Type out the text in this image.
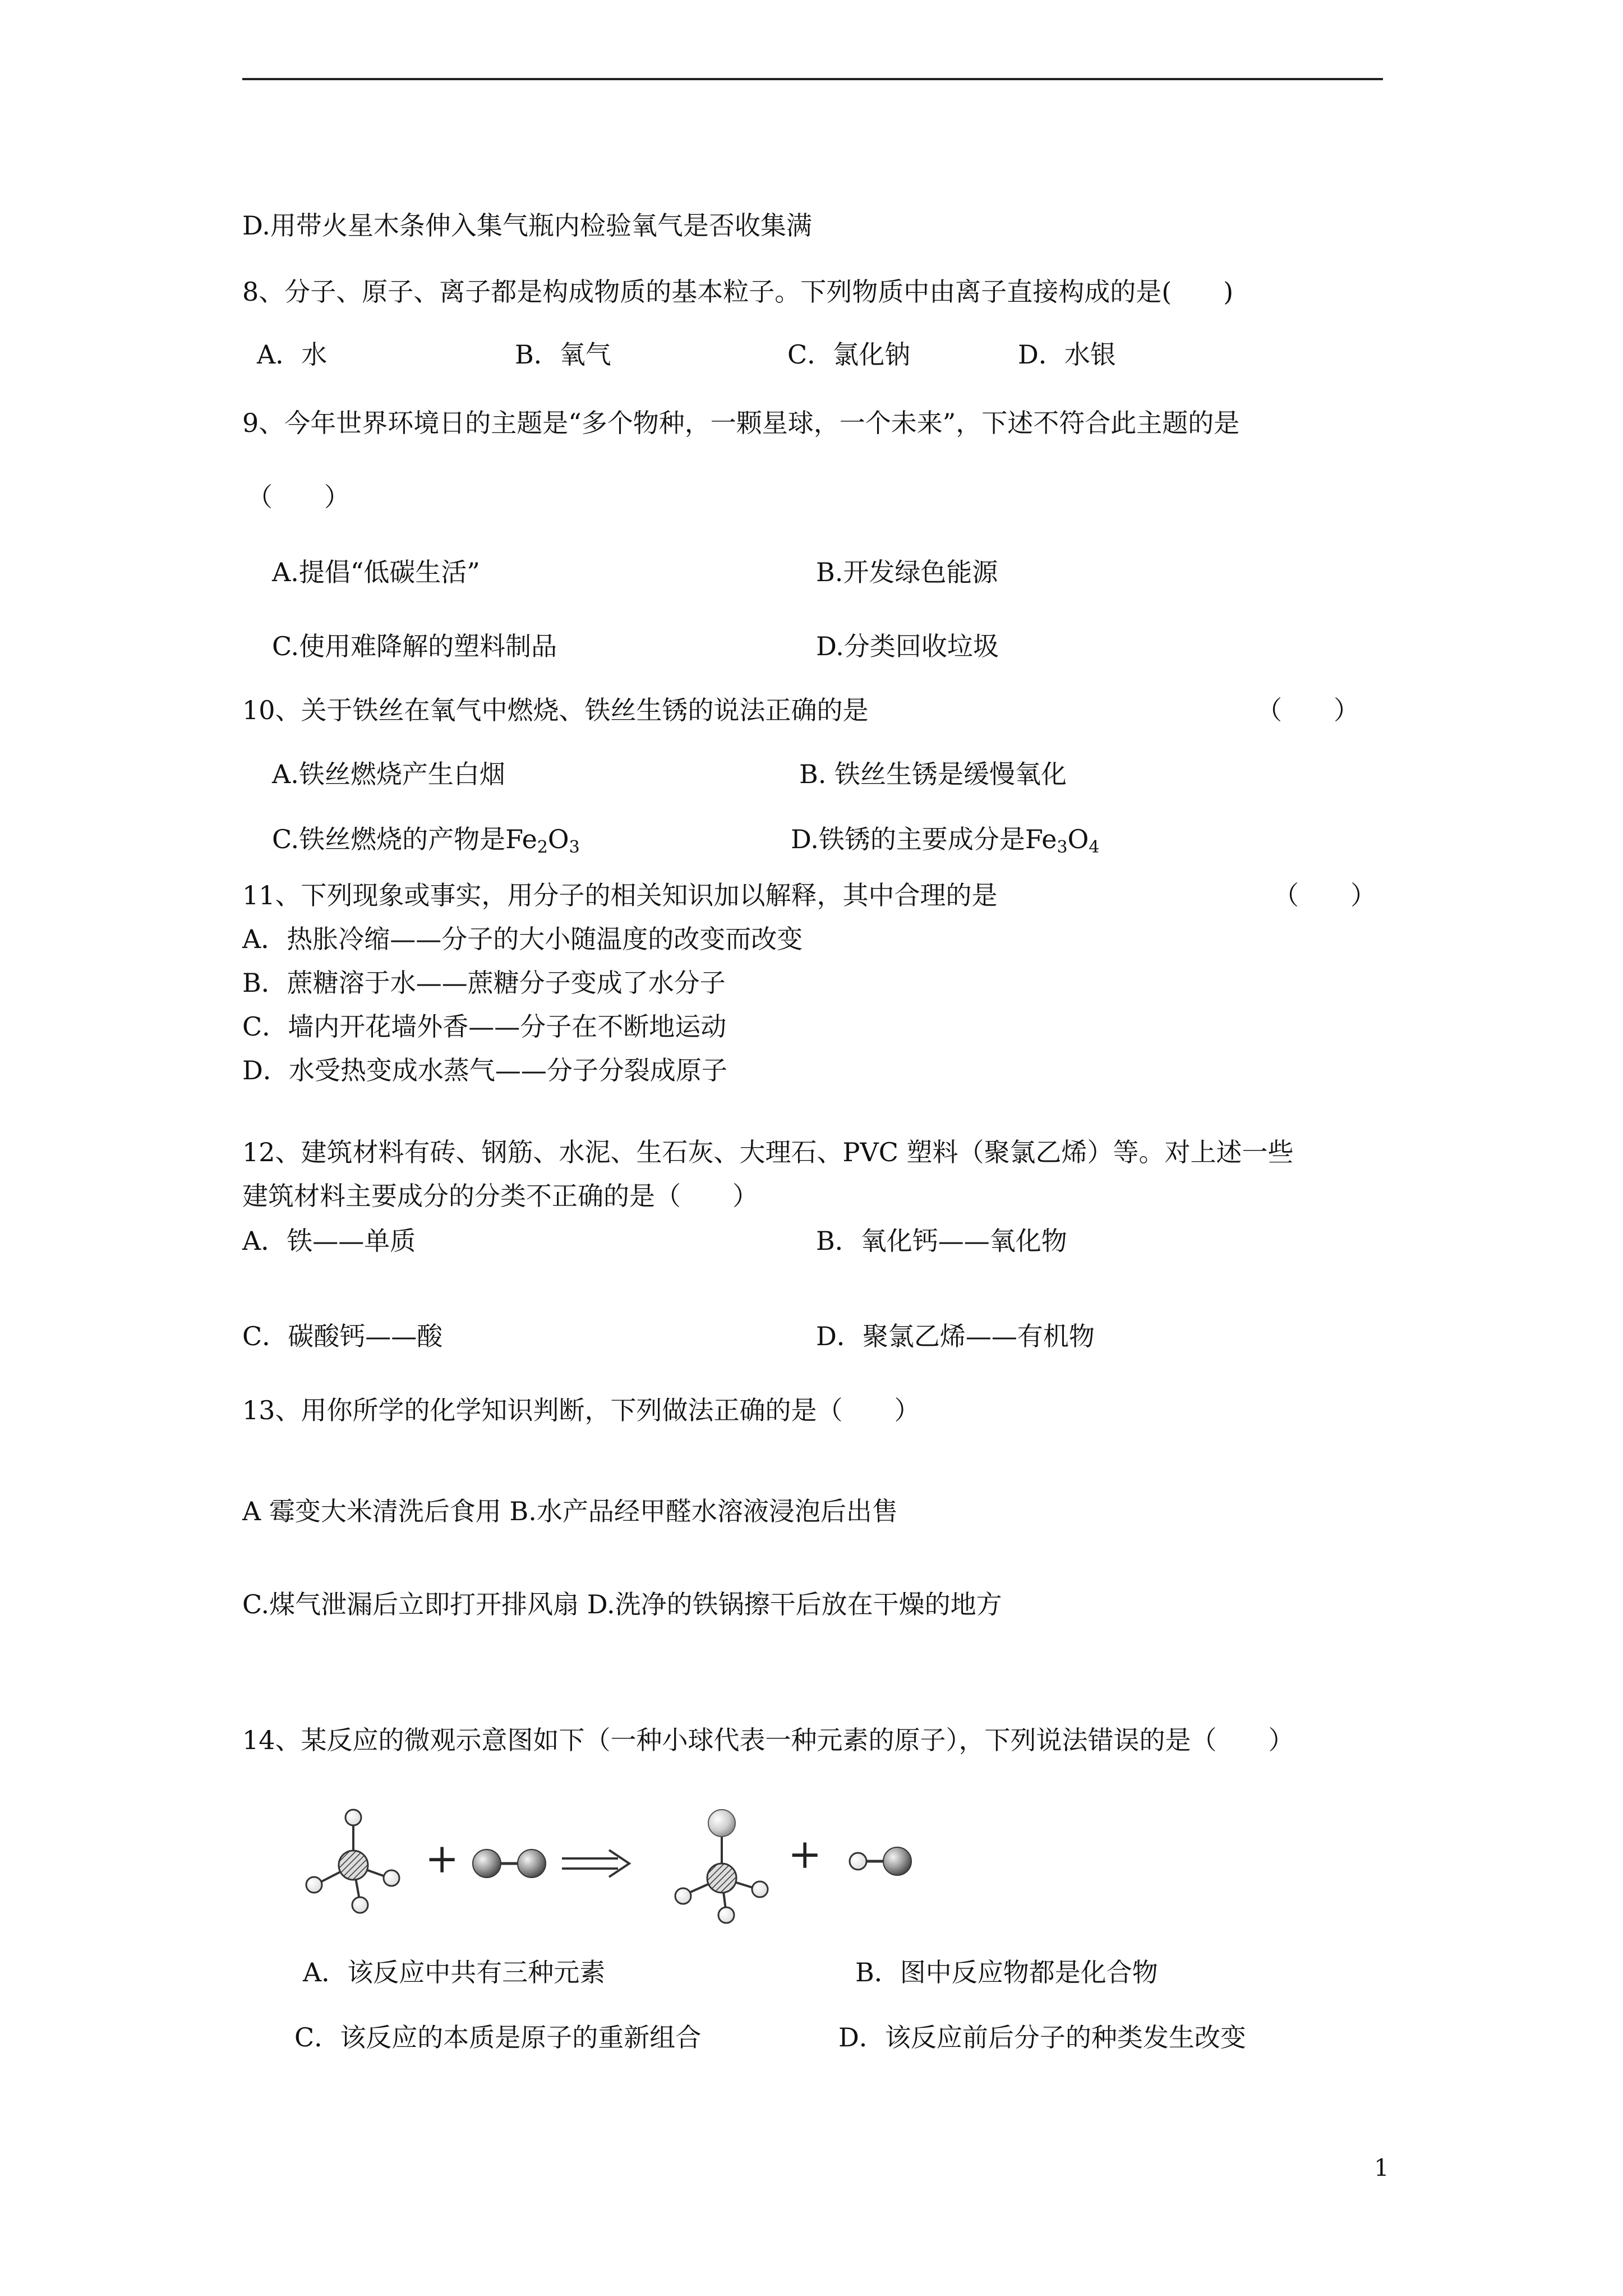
D.用带火星木条伸入集气瓶内检验氧气是否收集满
8、分子、原子、离子都是构成物质的基本粒子。下列物质中由离子直接构成的是(　　)
A．水	B．氧气	C．氯化钠	D．水银
9、今年世界环境日的主题是“多个物种，一颗星球，一个未来”，下述不符合此主题的是
（　　）
A.提倡“低碳生活”	B.开发绿色能源
C.使用难降解的塑料制品	D.分类回收垃圾
10、关于铁丝在氧气中燃烧、铁丝生锈的说法正确的是	（　　）
A.铁丝燃烧产生白烟	B. 铁丝生锈是缓慢氧化
C.铁丝燃烧的产物是$Fe_2O_3$	D.铁锈的主要成分是$Fe_3O_4$
11、下列现象或事实，用分子的相关知识加以解释，其中合理的是	（　　）
A．热胀冷缩——分子的大小随温度的改变而改变
B．蔗糖溶于水——蔗糖分子变成了水分子
C．墙内开花墙外香——分子在不断地运动
D．水受热变成水蒸气——分子分裂成原子
12、建筑材料有砖、钢筋、水泥、生石灰、大理石、PVC 塑料（聚氯乙烯）等。对上述一些
建筑材料主要成分的分类不正确的是（　　）
A．铁——单质	B．氧化钙——氧化物
C．碳酸钙——酸	D．聚氯乙烯——有机物
13、用你所学的化学知识判断，下列做法正确的是（　　）
A 霉变大米清洗后食用 B.水产品经甲醛水溶液浸泡后出售
C.煤气泄漏后立即打开排风扇 D.洗净的铁锅擦干后放在干燥的地方
14、某反应的微观示意图如下（一种小球代表一种元素的原子），下列说法错误的是（　　）
+	+
A．该反应中共有三种元素	B．图中反应物都是化合物
C．该反应的本质是原子的重新组合	D．该反应前后分子的种类发生改变
1
